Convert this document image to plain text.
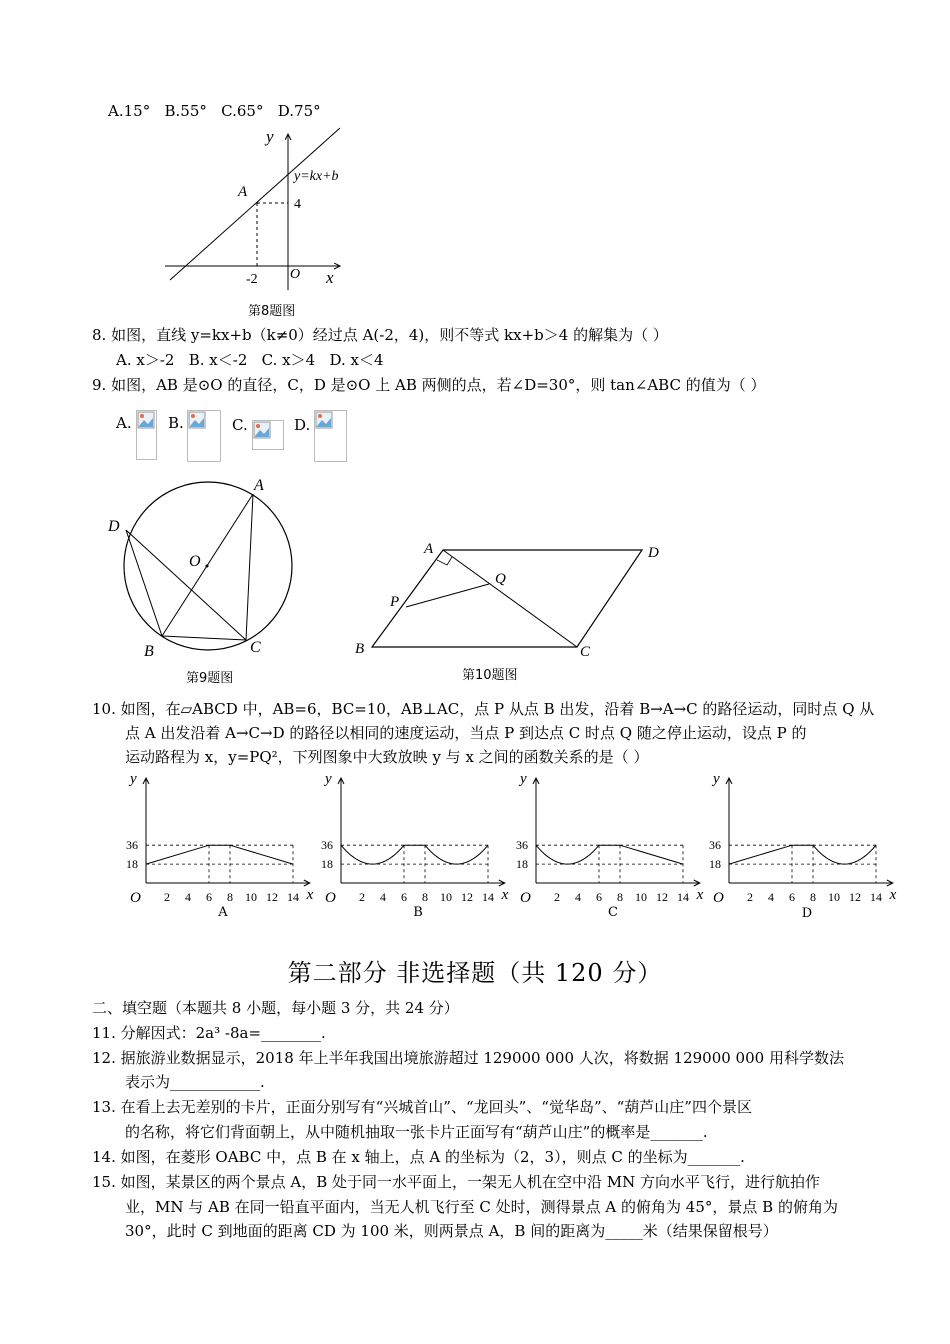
A.15°   B.55°   C.65°   D.75°
y
x
O
y=kx+b
A
4
-2
第8题图
8. 如图，直线 y=kx+b（k≠0）经过点 A(-2，4)，则不等式 kx+b＞4 的解集为（ ）
A. x＞-2   B. x＜-2   C. x＞4   D. x＜4
9. 如图，AB 是⊙O 的直径，C，D 是⊙O 上 AB 两侧的点，若∠D=30°，则 tan∠ABC 的值为（ ）
A. B.	C.	D.
A
B	C
D
O
第9题图
A
B	C
D
P
Q
第10题图
10. 如图，在▱ABCD 中，AB=6，BC=10，AB⊥AC，点 P 从点 B 出发，沿着 B→A→C 的路径运动，同时点 Q 从
点 A 出发沿着 A→C→D 的路径以相同的速度运动，当点 P 到达点 C 时点 Q 随之停止运动，设点 P 的
运动路程为 x，y=PQ²，下列图象中大致放映 y 与 x 之间的函数关系的是（ ）
36
18
2 4 6 8 10 12 14
O
y
x
36
18
2 4 6 8 10 12 14
O
y
x
36
18
2 4 6 8 10 12 14
O
y
x
36
18
2 4 6 8 10 12 14
O
y
x
A	B	C	D
第二部分 非选择题（共 120 分）
二、填空题（本题共 8 小题，每小题 3 分，共 24 分）
11. 分解因式：2a³ -8a=________.
12. 据旅游业数据显示，2018 年上半年我国出境旅游超过 129000 000 人次，将数据 129000 000 用科学数法
表示为____________.
13. 在看上去无差别的卡片，正面分别写有“兴城首山”、“龙回头”、“觉华岛”、“葫芦山庄”四个景区
的名称，将它们背面朝上，从中随机抽取一张卡片正面写有“葫芦山庄”的概率是_______.
14. 如图，在菱形 OABC 中，点 B 在 x 轴上，点 A 的坐标为（2，3），则点 C 的坐标为_______.
15. 如图，某景区的两个景点 A，B 处于同一水平面上，一架无人机在空中沿 MN 方向水平飞行，进行航拍作
业，MN 与 AB 在同一铅直平面内，当无人机飞行至 C 处时，测得景点 A 的俯角为 45°，景点 B 的俯角为
30°，此时 C 到地面的距离 CD 为 100 米，则两景点 A，B 间的距离为_____米（结果保留根号）
